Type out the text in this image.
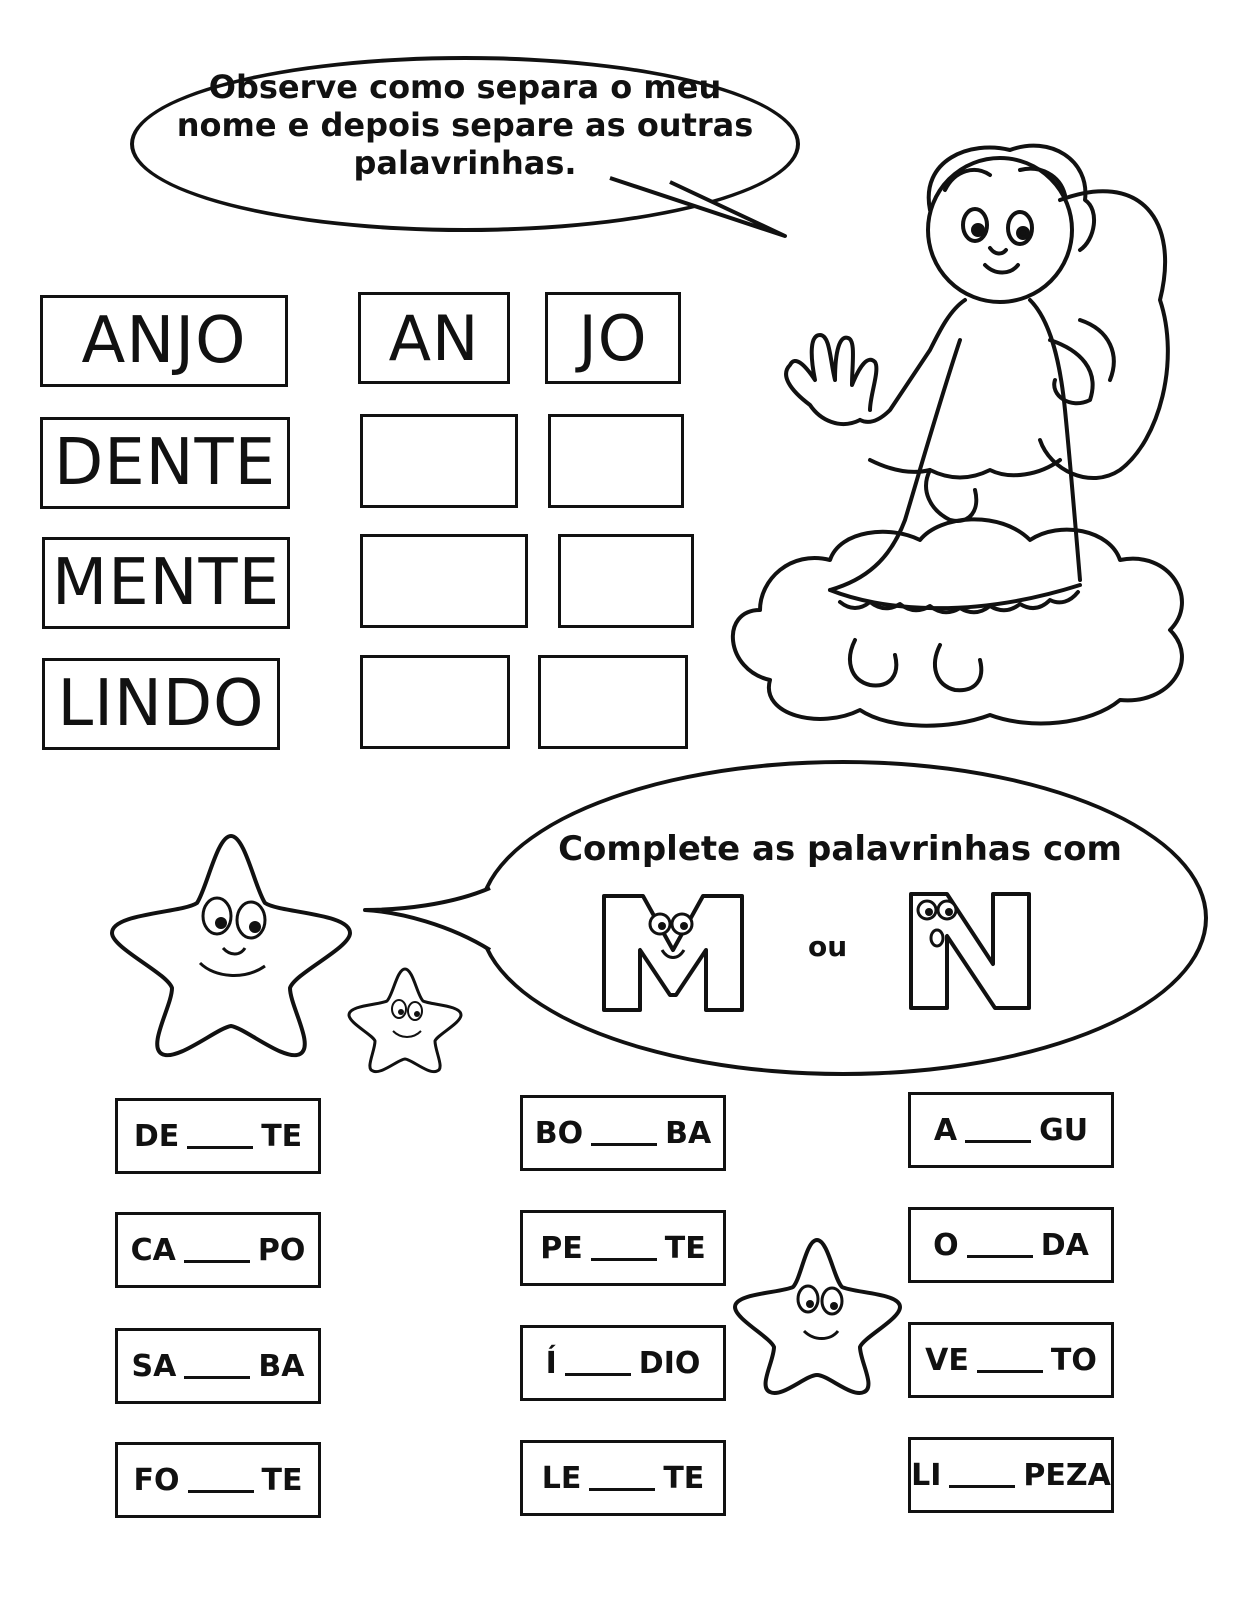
Observe como separa o meu
nome e depois separe as outras
palavrinhas.
ANJO AN JO
DENTE
MENTE
LINDO
Complete as palavrinhas com
M
ou
N
DE	TE
CA	PO
SA	BA
FO	TE
BO	BA
PE	TE
Í	DIO
LE	TE
A	GU
O	DA
VE	TO
LI	PEZA
